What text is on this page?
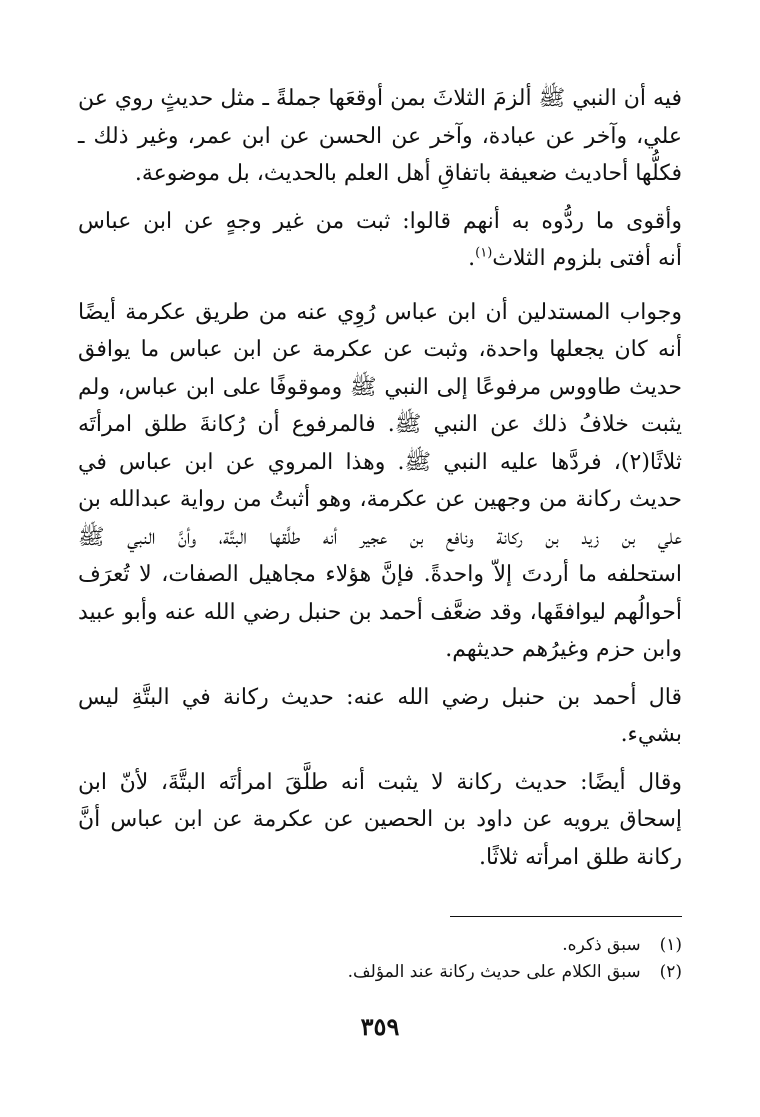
فيه أن النبي ﷺ ألزمَ الثلاثَ بمن أوقعَها جملةً ـ مثل حديثٍ روي عن
علي، وآخر عن عبادة، وآخر عن الحسن عن ابن عمر، وغير ذلك ـ
فكلُّها أحاديث ضعيفة باتفاقِ أهل العلم بالحديث، بل موضوعة.

وأقوى ما ردُّوه به أنهم قالوا: ثبت من غير وجهٍ عن ابن عباس
أنه أفتى بلزوم الثلاث$^{(١)}$.

وجواب المستدلين أن ابن عباس رُوِي عنه من طريق عكرمة أيضًا
أنه كان يجعلها واحدة، وثبت عن عكرمة عن ابن عباس ما يوافق
حديث طاووس مرفوعًا إلى النبي ﷺ وموقوفًا على ابن عباس، ولم
يثبت خلافُ ذلك عن النبي ﷺ. فالمرفوع أن رُكانةَ طلق امرأتَه
ثلاثًا(٢)، فردَّها عليه النبي ﷺ. وهذا المروي عن ابن عباس في
حديث ركانة من وجهين عن عكرمة، وهو أثبتُ من رواية عبدالله بن
علي بن زيد بن ركانة ونافع بن عجير أنه طلَّقها البتَّة، وأنَّ النبي ﷺ
استحلفه ما أردتَ إلاّ واحدةً. فإنَّ هؤلاء مجاهيل الصفات، لا تُعرَف
أحوالُهم ليوافقَها، وقد ضعَّف أحمد بن حنبل رضي الله عنه وأبو عبيد
وابن حزم وغيرُهم حديثهم.

قال أحمد بن حنبل رضي الله عنه: حديث ركانة في البتَّةِ ليس
بشيء.

وقال أيضًا: حديث ركانة لا يثبت أنه طلَّقَ امرأتَه البتَّةَ، لأنّ ابن
إسحاق يرويه عن داود بن الحصين عن عكرمة عن ابن عباس أنَّ
ركانة طلق امرأته ثلاثًا.

(١) سبق ذكره.
(٢) سبق الكلام على حديث ركانة عند المؤلف.
٣٥٩
